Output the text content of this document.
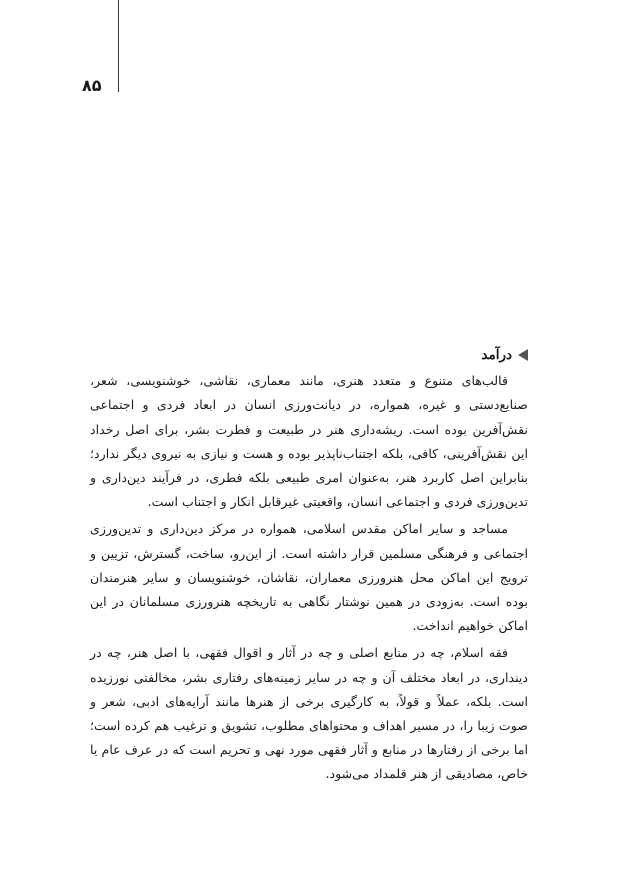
۸۵
درآمد

قالب‌های متنوع و متعدد هنری، مانند معماری، نقاشی، خوشنویسی، شعر، صنایع‌دستی و غیره، همواره، در دیانت‌ورزی انسان در ابعاد فردی و اجتماعی نقش‌آفرین بوده است. ریشه‌داری هنر در طبیعت و فطرت بشر، برای اصل رخداد این نقش‌آفرینی، کافی، بلکه اجتناب‌ناپذیر بوده و هست و نیازی به نیروی دیگر ندارد؛ بنابراین اصل کاربرد هنر، به‌عنوان امری طبیعی بلکه فطری، در فرآیند دین‌داری و تدین‌ورزی فردی و اجتماعی انسان، واقعیتی غیرقابل انکار و اجتناب است.

مساجد و سایر اماکن مقدس اسلامی، همواره در مرکز دین‌داری و تدین‌ورزی اجتماعی و فرهنگی مسلمین قرار داشته است. از این‌رو، ساخت، گسترش، تزیین و ترویج این اماکن محل هنرورزی معماران، نقاشان، خوشنویسان و سایر هنرمندان بوده است. به‌زودی در همین نوشتار نگاهی به تاریخچه هنرورزی مسلمانان در این اماکن خواهیم انداخت.

فقه اسلام، چه در منابع اصلی و چه در آثار و اقوال فقهی، با اصل هنر، چه در دینداری، در ابعاد مختلف آن و چه در سایر زمینه‌های رفتاری بشر، مخالفتی نورزیده است. بلکه، عملاً و قولاً، به کارگیری برخی از هنرها مانند آرایه‌های ادبی، شعر و صوت زیبا را، در مسیر اهداف و محتواهای مطلوب، تشویق و ترغیب هم کرده است؛ اما برخی از رفتارها در منابع و آثار فقهی مورد نهی و تحریم است که در عرف عام یا خاص، مصادیقی از هنر قلمداد می‌شود.
